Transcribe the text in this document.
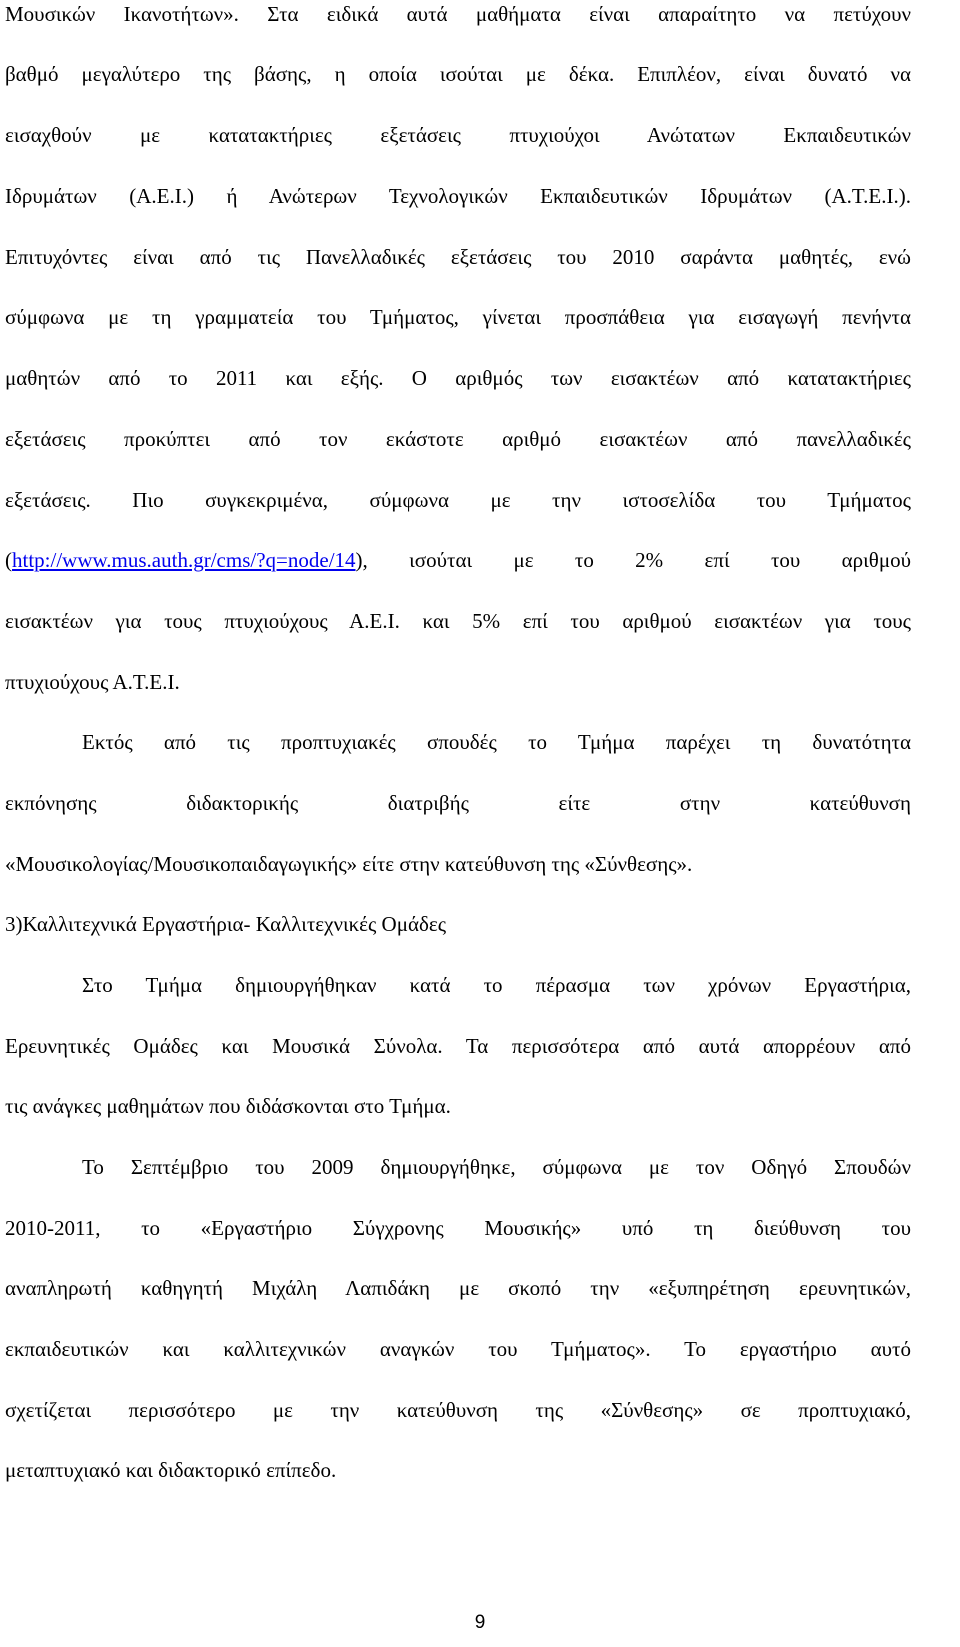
Μουσικών Ικανοτήτων». Στα ειδικά αυτά μαθήματα είναι απαραίτητο να πετύχουν
βαθμό μεγαλύτερο της βάσης, η οποία ισούται με δέκα. Επιπλέον, είναι δυνατό να
εισαχθούν με κατατακτήριες εξετάσεις πτυχιούχοι Ανώτατων Εκπαιδευτικών
Ιδρυμάτων (Α.Ε.Ι.) ή Ανώτερων Τεχνολογικών Εκπαιδευτικών Ιδρυμάτων (Α.Τ.Ε.Ι.).
Επιτυχόντες είναι από τις Πανελλαδικές εξετάσεις του 2010 σαράντα μαθητές, ενώ
σύμφωνα με τη γραμματεία του Τμήματος, γίνεται προσπάθεια για εισαγωγή πενήντα
μαθητών από το 2011 και εξής. Ο αριθμός των εισακτέων από κατατακτήριες
εξετάσεις προκύπτει από τον εκάστοτε αριθμό εισακτέων από πανελλαδικές
εξετάσεις. Πιο συγκεκριμένα, σύμφωνα με την ιστοσελίδα του Τμήματος
(http://www.mus.auth.gr/cms/?q=node/14), ισούται με το 2% επί του αριθμού
εισακτέων για τους πτυχιούχους Α.Ε.Ι. και 5% επί του αριθμού εισακτέων για τους
πτυχιούχους Α.Τ.Ε.Ι.
Εκτός από τις προπτυχιακές σπουδές το Τμήμα παρέχει τη δυνατότητα
εκπόνησης διδακτορικής διατριβής είτε στην κατεύθυνση
«Μουσικολογίας/Μουσικοπαιδαγωγικής» είτε στην κατεύθυνση της «Σύνθεσης».
3)Καλλιτεχνικά Εργαστήρια- Καλλιτεχνικές Ομάδες
Στο Τμήμα δημιουργήθηκαν κατά το πέρασμα των χρόνων Εργαστήρια,
Ερευνητικές Ομάδες και Μουσικά Σύνολα. Τα περισσότερα από αυτά απορρέουν από
τις ανάγκες μαθημάτων που διδάσκονται στο Τμήμα.
Το Σεπτέμβριο του 2009 δημιουργήθηκε, σύμφωνα με τον Οδηγό Σπουδών
2010-2011, το «Εργαστήριο Σύγχρονης Μουσικής» υπό τη διεύθυνση του
αναπληρωτή καθηγητή Μιχάλη Λαπιδάκη με σκοπό την «εξυπηρέτηση ερευνητικών,
εκπαιδευτικών και καλλιτεχνικών αναγκών του Τμήματος». Το εργαστήριο αυτό
σχετίζεται περισσότερο με την κατεύθυνση της «Σύνθεσης» σε προπτυχιακό,
μεταπτυχιακό και διδακτορικό επίπεδο.
9
